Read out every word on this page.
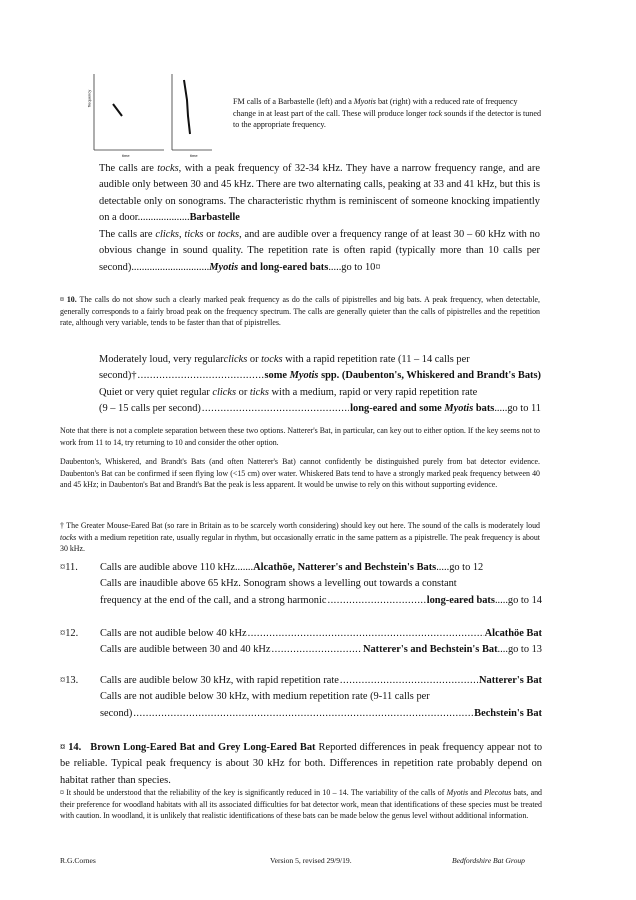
frequency
time	time
FM calls of a Barbastelle (left) and a Myotis bat (right) with a reduced rate of frequency change in at least part of the call. These will produce longer tock sounds if the detector is tuned to the appropriate frequency.
The calls are tocks, with a peak frequency of 32-34 kHz. They have a narrow frequency range, and are audible only between 30 and 45 kHz. There are two alternating calls, peaking at 33 and 41 kHz, but this is detectable only on sonograms. The characteristic rhythm is reminiscent of someone knocking impatiently on a door....................Barbastelle
The calls are clicks, ticks or tocks, and are audible over a frequency range of at least 30 – 60 kHz with no obvious change in sound quality. The repetition rate is often rapid (typically more than 10 calls per second)..............................Myotis and long-eared bats.....go to 10¤
¤ 10. The calls do not show such a clearly marked peak frequency as do the calls of pipistrelles and big bats. A peak frequency, when detectable, generally corresponds to a fairly broad peak on the frequency spectrum. The calls are generally quieter than the calls of pipistrelles and the repetition rate, although very variable, tends to be faster than that of pipistrelles.
Moderately loud, very regular clicks or tocks with a rapid repetition rate (11 – 14 calls per
second)† .....	some Myotis spp. (Daubenton's, Whiskered and Brandt's Bats)
Quiet or very quiet regular clicks or ticks with a medium, rapid or very rapid repetition rate
(9 – 15 calls per second) .....	long-eared and some Myotis bats .....go to 11
Note that there is not a complete separation between these two options. Natterer's Bat, in particular, can key out to either option. If the key seems not to work from 11 to 14, try returning to 10 and consider the other option.
Daubenton's, Whiskered, and Brandt's Bats (and often Natterer's Bat) cannot confidently be distinguished purely from bat detector evidence. Daubenton's Bat can be confirmed if seen flying low (<15 cm) over water. Whiskered Bats tend to have a strongly marked peak frequency between 40 and 45 kHz; in Daubenton's Bat and Brandt's Bat the peak is less apparent. It would be unwise to rely on this without supporting evidence.
† The Greater Mouse-Eared Bat (so rare in Britain as to be scarcely worth considering) should key out here. The sound of the calls is moderately loud tocks with a medium repetition rate, usually regular in rhythm, but occasionally erratic in the same pattern as a pipistrelle. The peak frequency is about 30 kHz.
¤11.	Calls are audible above 110 kHz ....... Alcathöe, Natterer's and Bechstein's Bats .....go to 12
Calls are inaudible above 65 kHz. Sonogram shows a levelling out towards a constant
frequency at the end of the call, and a strong harmonic .....	long-eared bats .....go to 14
¤12.	Calls are not audible below 40 kHz .....	Alcathöe Bat
Calls are audible between 30 and 40 kHz .....	Natterer's and Bechstein's Bat ....go to 13
¤13.	Calls are audible below 30 kHz, with rapid repetition rate .....	Natterer's Bat
Calls are not audible below 30 kHz, with medium repetition rate (9-11 calls per
second) .....	Bechstein's Bat
¤ 14. Brown Long-Eared Bat and Grey Long-Eared Bat Reported differences in peak frequency appear not to be reliable. Typical peak frequency is about 30 kHz for both. Differences in repetition rate probably depend on habitat rather than species.
¤ It should be understood that the reliability of the key is significantly reduced in 10 – 14. The variability of the calls of Myotis and Plecotus bats, and their preference for woodland habitats with all its associated difficulties for bat detector work, mean that identifications of these species must be treated with caution. In woodland, it is unlikely that realistic identifications of these bats can be made below the genus level without additional information.
R.G.Cornes	Version 5, revised 29/9/19.	Bedfordshire Bat Group
